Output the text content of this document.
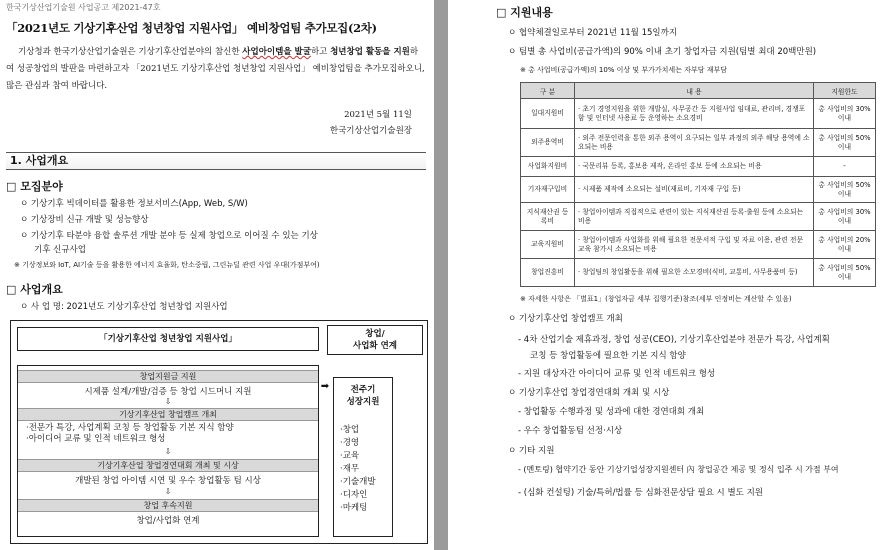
한국기상산업기술원 사업공고 제2021-47호
「2021년도 기상기후산업 청년창업 지원사업」 예비창업팀 추가모집(2차)
기상청과 한국기상산업기술원은 기상기후산업분야의 참신한 사업아이템을 발굴하고 청년창업 활동을 지원하여 성공창업의 발판을 마련하고자 「2021년도 기상기후산업 청년창업 지원사업」 예비창업팀을 추가모집하오니, 많은 관심과 참여 바랍니다.
2021년 5월 11일
한국기상산업기술원장
1. 사업개요
□ 모집분야
ㅇ 기상기후 빅데이터를 활용한 정보서비스(App, Web, S/W)
ㅇ 기상장비 신규 개발 및 성능향상
ㅇ 기상기후 타분야 융합 솔루션 개발 분야 등 실제 창업으로 이어질 수 있는 기상
기후 신규사업
※ 기상정보와 IoT, AI기술 등을 활용한 에너지 효율화, 탄소중립, 그린뉴딜 관련 사업 우대(가점부여)
□ 사업개요
ㅇ 사 업 명: 2021년도 기상기후산업 청년창업 지원사업
「기상기후산업 청년창업 지원사업」	창업/
사업화 연계
창업지원금 지원
시제품 설계/개발/검증 등 창업 시드머니 지원
⇩
기상기후산업 창업캠프 개최
·전문가 특강, 사업계획 코칭 등 창업활동 기본 지식 함양
·아이디어 교류 및 인적 네트워크 형성
⇩
기상기후산업 창업경연대회 개최 및 시상
개발된 창업 아이템 시연 및 우수 창업활동 팀 시상
⇩
창업 후속지원
창업/사업화 연계
➡	전주기
성장지원
·창업
·경영
·교육
·재무
·기술개발
·디자인
·마케팅
□ 지원내용
ㅇ 협약체결일로부터 2021년 11월 15일까지
ㅇ 팀별 총 사업비(공급가액)의 90% 이내 초기 창업자금 지원(팀별 최대 20백만원)
※ 총 사업비(공급가액)의 10% 이상 및 부가가치세는 자부담 재부담
구 분	내 용	지원한도
일대지원비	· 초기 경영지원을 위한 개발실, 사무공간 등 지원사업 임대료, 관리비, 경쟁포함 및 인터넷 사용료 등 운영하는 소요경비	총 사업비의 30% 이내
외주용역비	· 외주 전문인력을 통한 외주 용역이 요구되는 일부 과정의 외주 해당 용역에 소요되는 비용	총 사업비의 50% 이내
사업화지원비	· 국문리뷰 등록, 홍보용 제작, 온라인 홍보 등에 소요되는 비용	-
기자재구입비	· 시제품 제작에 소요되는 설비(재료비, 기자재 구입 등)	총 사업비의 50% 이내
지식재산권 등록비	· 창업아이템과 직접적으로 관련이 있는 지식재산권 등록·출원 등에 소요되는 비용	총 사업비의 30% 이내
교육지원비	· 창업아이템과 사업화를 위해 필요한 전문서적 구입 및 자료 이용, 관련 전문 교육 참가시 소요되는 비용	총 사업비의 20% 이내
창업진흥비	· 창업팀의 창업활동을 위해 필요한 소모경비(식비, 교통비, 사무용품비 등)	총 사업비의 50% 이내
※ 자세한 사항은 「별표1」(창업자금 세부 집행기준)참조(세부 인정비는 계산할 수 있음)
ㅇ 기상기후산업 창업캠프 개최
- 4차 산업기술 제휴과정, 창업 성공(CEO), 기상기후산업분야 전문가 특강, 사업계획
코칭 등 창업활동에 필요한 기본 지식 함양
- 지원 대상자간 아이디어 교류 및 인적 네트워크 형성
ㅇ 기상기후산업 창업경연대회 개최 및 시상
- 창업활동 수행과정 및 성과에 대한 경연대회 개최
- 우수 창업활동팀 선정·시상
ㅇ 기타 지원
- (멘토링) 협약기간 동안 기상기업성장지원센터 內 창업공간 제공 및 정식 입주 시 가점 부여
- (심화 컨설팅) 기술/특허/법률 등 심화전문상담 필요 시 별도 지원
